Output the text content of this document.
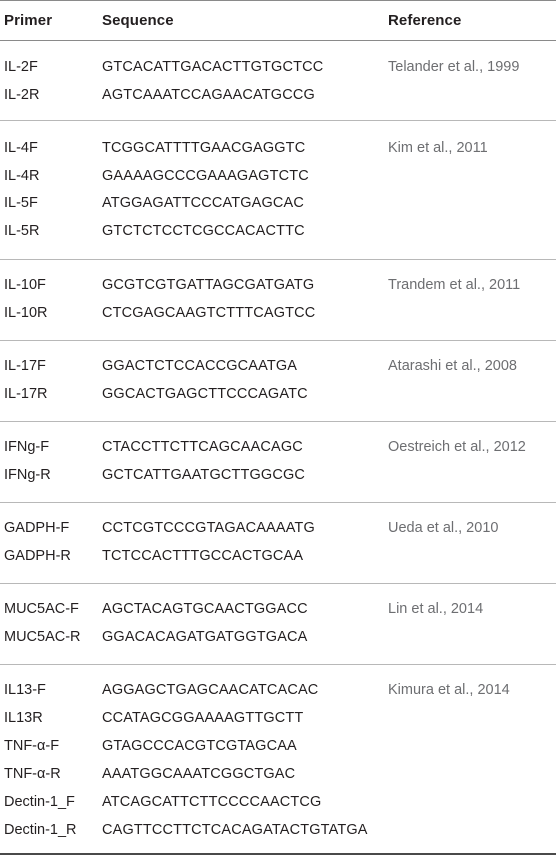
Primer	Sequence	Reference
IL-2F	GTCACATTGACACTTGTGCTCC	Telander et al., 1999
IL-2R	AGTCAAATCCAGAACATGCCG
IL-4F	TCGGCATTTTGAACGAGGTC	Kim et al., 2011
IL-4R	GAAAAGCCCGAAAGAGTCTC
IL-5F	ATGGAGATTCCCATGAGCAC
IL-5R	GTCTCTCCTCGCCACACTTC
IL-10F	GCGTCGTGATTAGCGATGATG	Trandem et al., 2011
IL-10R	CTCGAGCAAGTCTTTCAGTCC
IL-17F	GGACTCTCCACCGCAATGA	Atarashi et al., 2008
IL-17R	GGCACTGAGCTTCCCAGATC
IFNg-F	CTACCTTCTTCAGCAACAGC	Oestreich et al., 2012
IFNg-R	GCTCATTGAATGCTTGGCGC
GADPH-F CCTCGTCCCGTAGACAAAATG	Ueda et al., 2010
GADPH-R TCTCCACTTTGCCACTGCAA
MUC5AC-F AGCTACAGTGCAACTGGACC	Lin et al., 2014
MUC5AC-R GGACACAGATGATGGTGACA
IL13-F	AGGAGCTGAGCAACATCACAC	Kimura et al., 2014
IL13R	CCATAGCGGAAAAGTTGCTT
TNF-α-F	GTAGCCCACGTCGTAGCAA
TNF-α-R	AAATGGCAAATCGGCTGAC
Dectin-1_F ATCAGCATTCTTCCCCAACTCG
Dectin-1_R CAGTTCCTTCTCACAGATACTGTATGA
